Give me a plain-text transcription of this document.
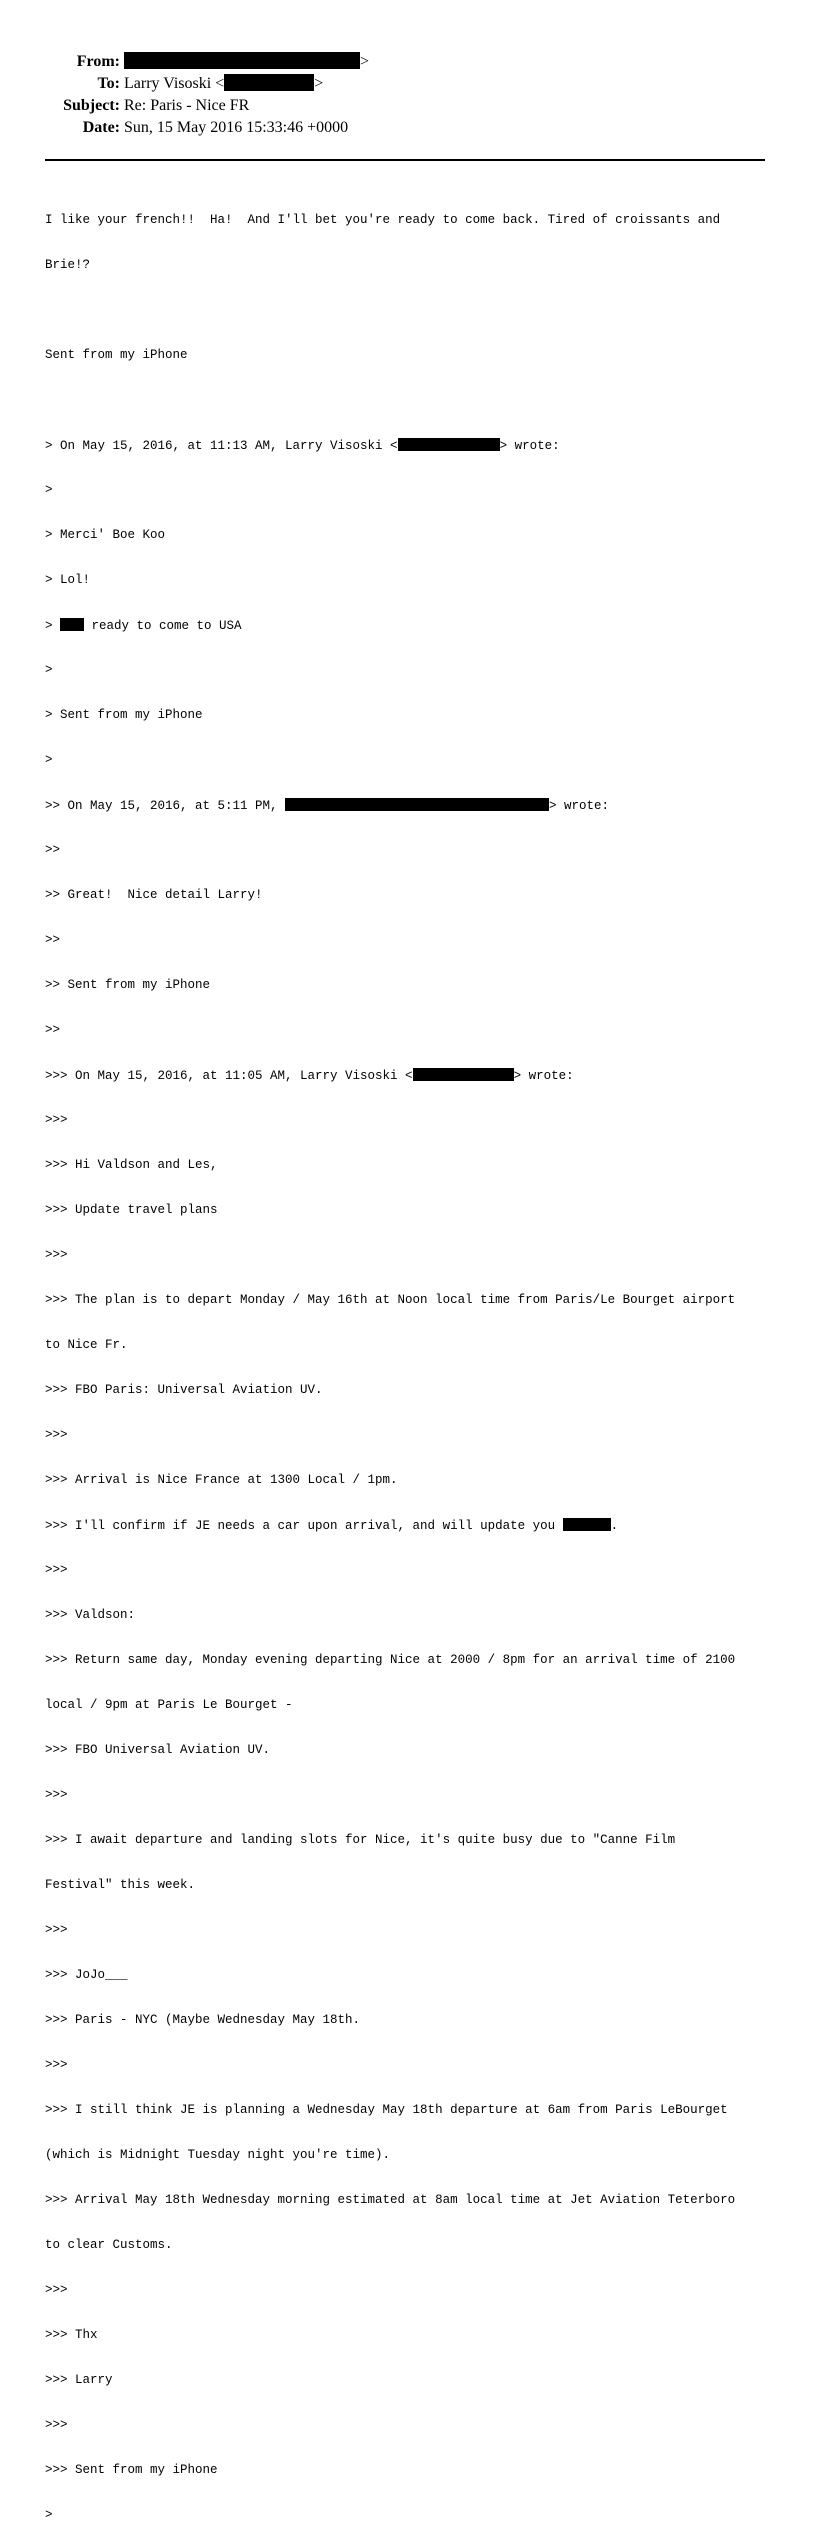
From:	>
To: Larry Visoski <	>
Subject: Re: Paris - Nice FR
Date: Sun, 15 May 2016 15:33:46 +0000

I like your french!!  Ha!  And I'll bet you're ready to come back. Tired of croissants and

Brie!?

Sent from my iPhone

> On May 15, 2016, at 11:13 AM, Larry Visoski <	> wrote:

>

> Merci' Boe Koo

> Lol!

>  ready to come to USA

>

> Sent from my iPhone

>

>> On May 15, 2016, at 5:11 PM,	> wrote:

>>

>> Great!  Nice detail Larry!

>>

>> Sent from my iPhone

>>

>>> On May 15, 2016, at 11:05 AM, Larry Visoski <	> wrote:

>>>

>>> Hi Valdson and Les,

>>> Update travel plans

>>>

>>> The plan is to depart Monday / May 16th at Noon local time from Paris/Le Bourget airport

to Nice Fr.

>>> FBO Paris: Universal Aviation UV.

>>>

>>> Arrival is Nice France at 1300 Local / 1pm.

>>> I'll confirm if JE needs a car upon arrival, and will update you	.

>>>

>>> Valdson:

>>> Return same day, Monday evening departing Nice at 2000 / 8pm for an arrival time of 2100

local / 9pm at Paris Le Bourget -

>>> FBO Universal Aviation UV.

>>>

>>> I await departure and landing slots for Nice, it's quite busy due to "Canne Film

Festival" this week.

>>>

>>> JoJo___

>>> Paris - NYC (Maybe Wednesday May 18th.

>>>

>>> I still think JE is planning a Wednesday May 18th departure at 6am from Paris LeBourget

(which is Midnight Tuesday night you're time).

>>> Arrival May 18th Wednesday morning estimated at 8am local time at Jet Aviation Teterboro

to clear Customs.

>>>

>>> Thx

>>> Larry

>>>

>>> Sent from my iPhone

>
